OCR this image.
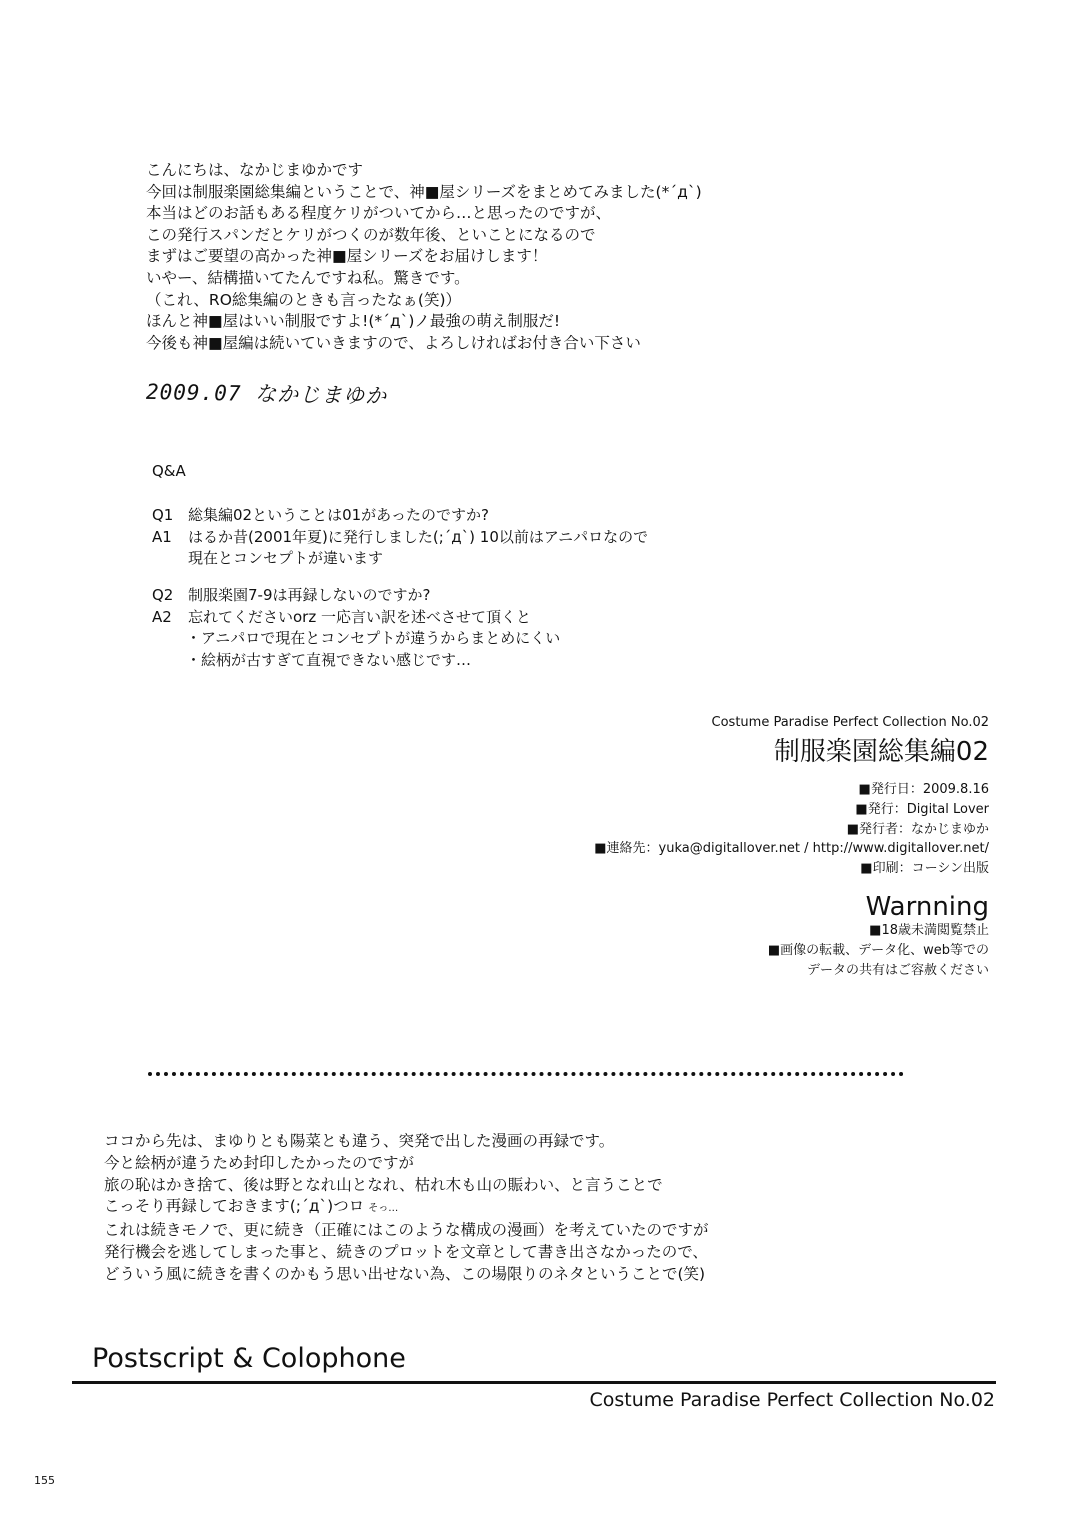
こんにちは、なかじまゆかです
今回は制服楽園総集編ということで、神■屋シリーズをまとめてみました(*´д`)
本当はどのお話もある程度ケリがついてから…と思ったのですが、
この発行スパンだとケリがつくのが数年後、といことになるので
まずはご要望の高かった神■屋シリーズをお届けします！
いやー、結構描いてたんですね私。驚きです。
（これ、RO総集編のときも言ったなぁ(笑)）
ほんと神■屋はいい制服ですよ!(*´д`)ノ最強の萌え制服だ!
今後も神■屋編は続いていきますので、よろしければお付き合い下さい
2009.07 なかじまゆか
Q&A
Q1 総集編02ということは01があったのですか?
A1	はるか昔(2001年夏)に発行しました(;´д`) 10以前はアニパロなので
現在とコンセプトが違います
Q2 制服楽園7-9は再録しないのですか?
A2	忘れてくださいorz 一応言い訳を述べさせて頂くと
・アニパロで現在とコンセプトが違うからまとめにくい
・絵柄が古すぎて直視できない感じです…
Costume Paradise Perfect Collection No.02
制服楽園総集編02
■発行日：2009.8.16
■発行：Digital Lover
■発行者：なかじまゆか
■連絡先：yuka@digitallover.net / http://www.digitallover.net/
■印刷：コーシン出版
Warnning
■18歳未満閲覧禁止
■画像の転載、データ化、web等での
データの共有はご容赦ください
ココから先は、まゆりとも陽菜とも違う、突発で出した漫画の再録です。
今と絵柄が違うため封印したかったのですが
旅の恥はかき捨て、後は野となれ山となれ、枯れ木も山の賑わい、と言うことで
こっそり再録しておきます(;´д`)つロ そっ…
これは続きモノで、更に続き（正確にはこのような構成の漫画）を考えていたのですが
発行機会を逃してしまった事と、続きのプロットを文章として書き出さなかったので、
どういう風に続きを書くのかもう思い出せない為、この場限りのネタということで(笑)
Postscript & Colophone
Costume Paradise Perfect Collection No.02
155
